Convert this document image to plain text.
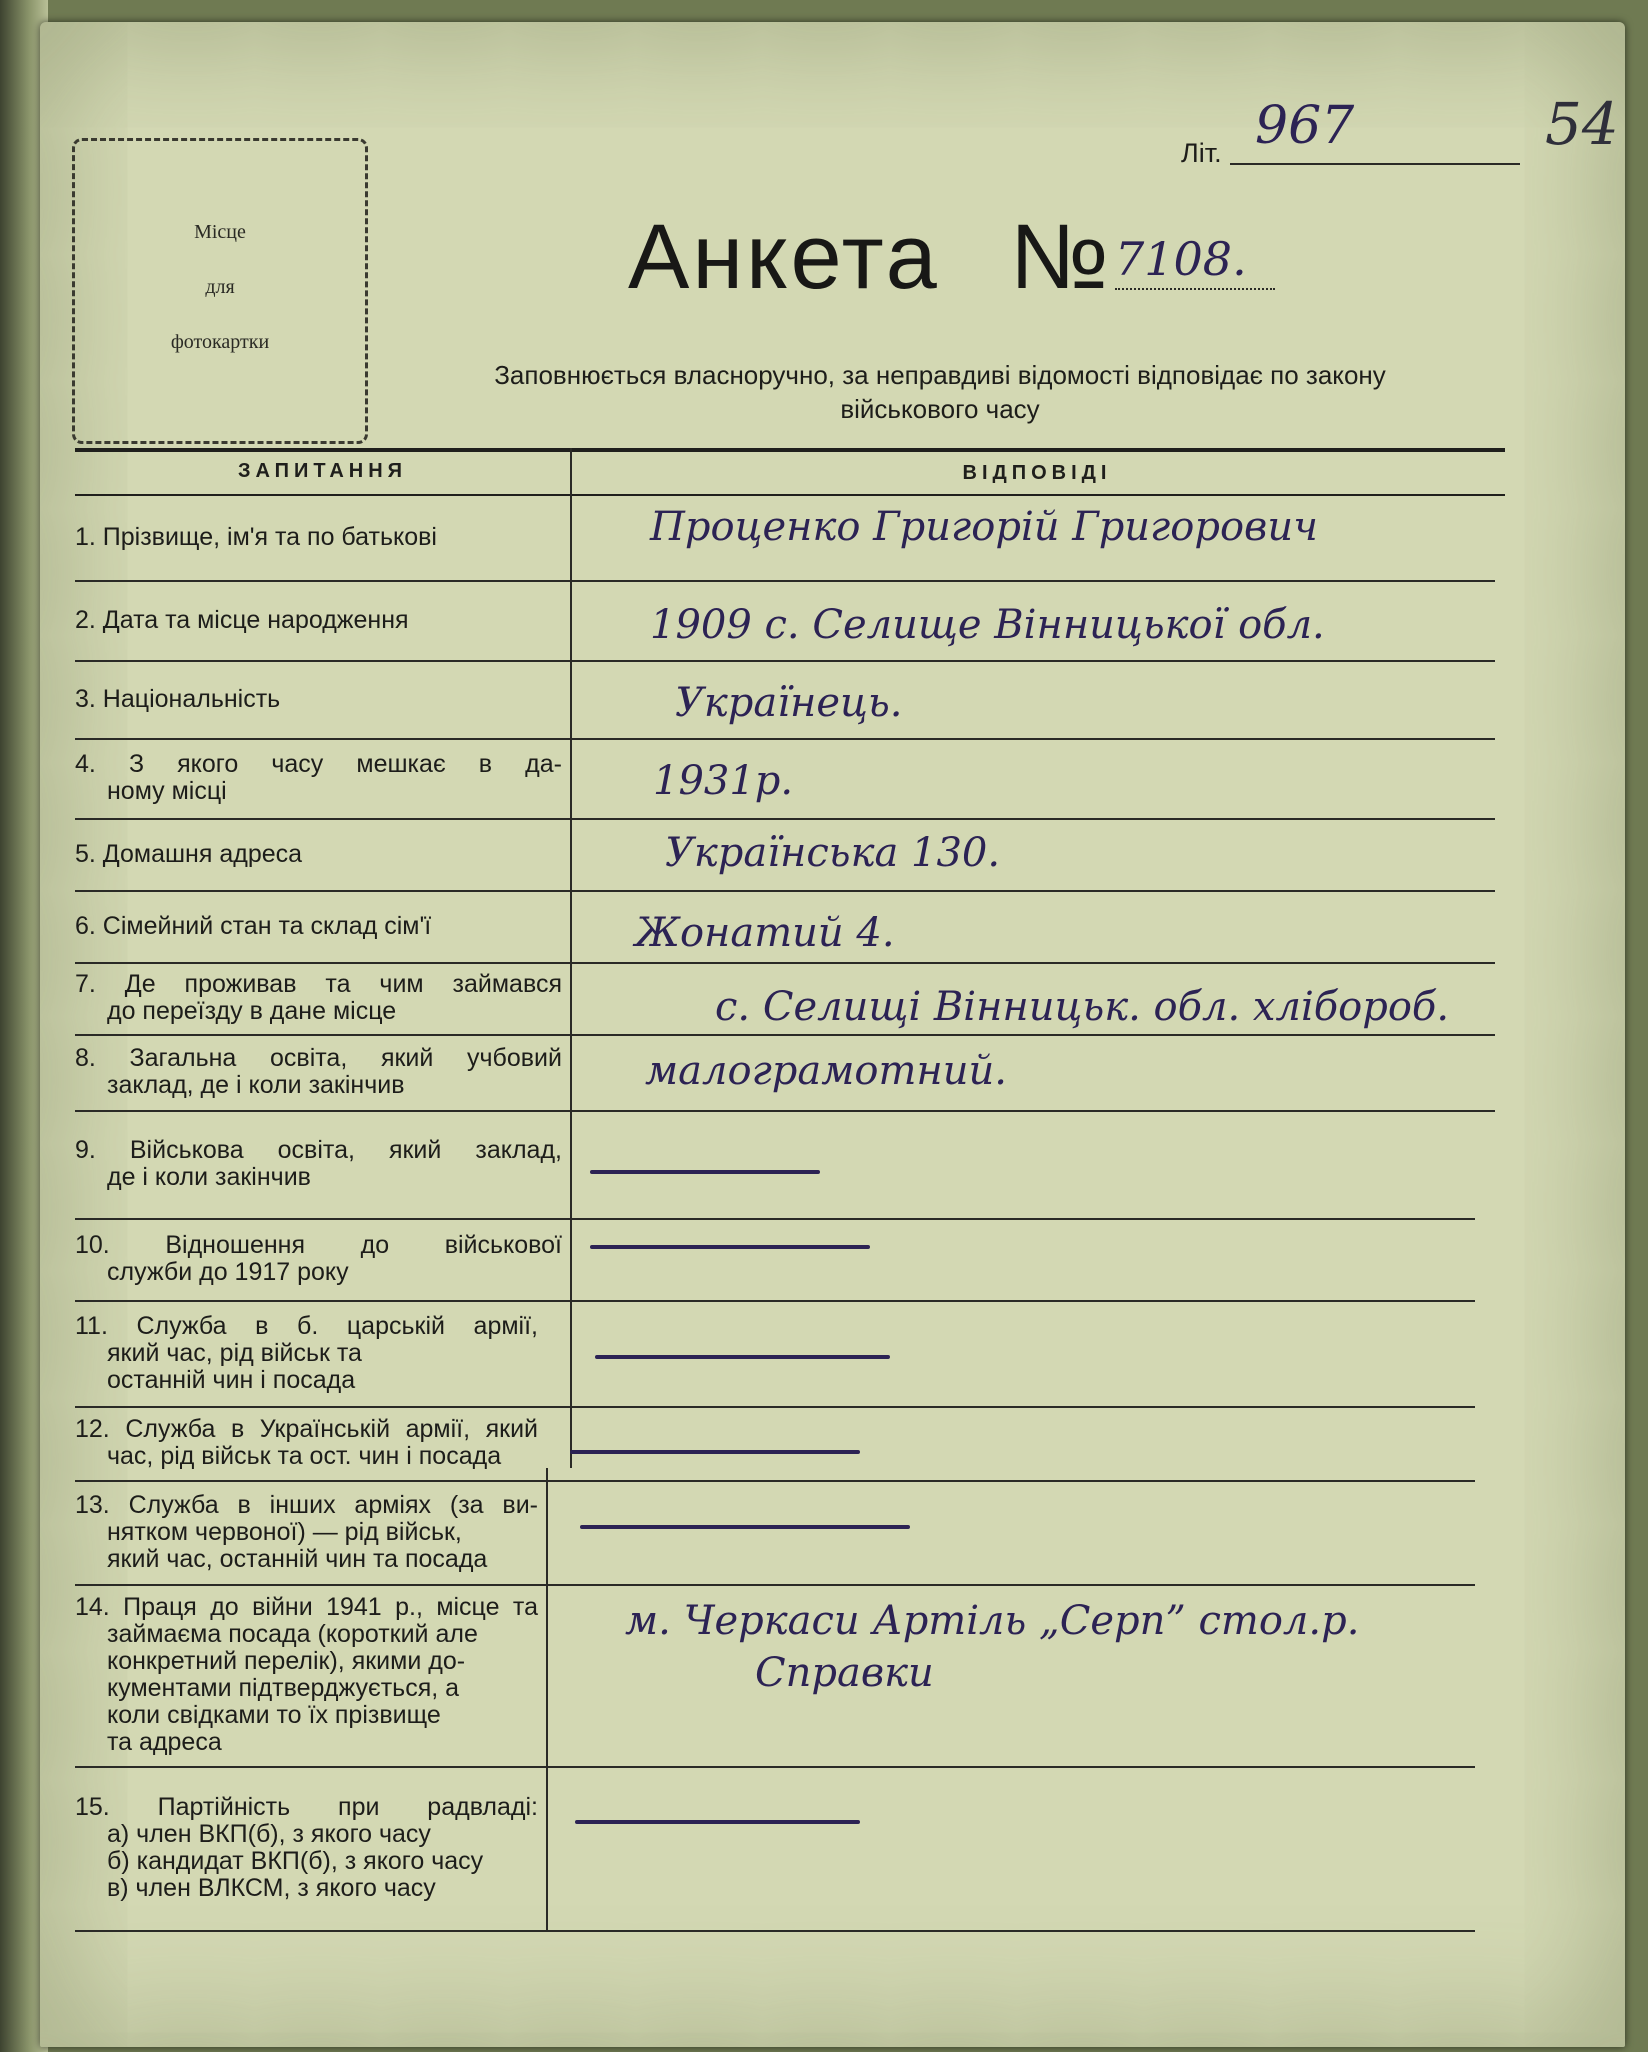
Літ. 967	54
Місце
для
фотокартки
Анкета № 7108.
Заповнюється власноручно, за неправдиві відомості відповідає по закону
військового часу
ЗАПИТАННЯ	ВІДПОВІДІ
1. Прізвище, ім'я та по батькові	Проценко Григорій Григорович
2. Дата та місце народження	1909 с. Селище Вінницької обл.
3. Національність	Українець.
4. З якого часу мешкає в да-
ному місці	1931р.
5. Домашня адреса	Українська 130.
6. Сімейний стан та склад сім'ї	Жонатий 4.
7. Де проживав та чим займався
до переїзду в дане місце	с. Селищі Вінницьк. обл. хлібороб.
8. Загальна освіта, який учбовий
заклад, де і коли закінчив	малограмотний.
9. Військова освіта, який заклад,
де і коли закінчив
10. Відношення до військової
служби до 1917 року
11. Служба в б. царській армії,
який час, рід військ та
останній чин і посада
12. Служба в Українській армії, який
час, рід військ та ост. чин і посада
13. Служба в інших арміях (за ви-
нятком червоної) — рід військ,
який час, останній чин та посада
14. Праця до війни 1941 р., місце та
займаєма посада (короткий але
конкретний перелік), якими до-
кументами підтверджується, а
коли свідками то їх прізвище
та адреса
м. Черкаси Артіль „Серп” стол.р.
Справки
15. Партійність при радвладі:
а) член ВКП(б), з якого часу
б) кандидат ВКП(б), з якого часу
в) член ВЛКСМ, з якого часу
